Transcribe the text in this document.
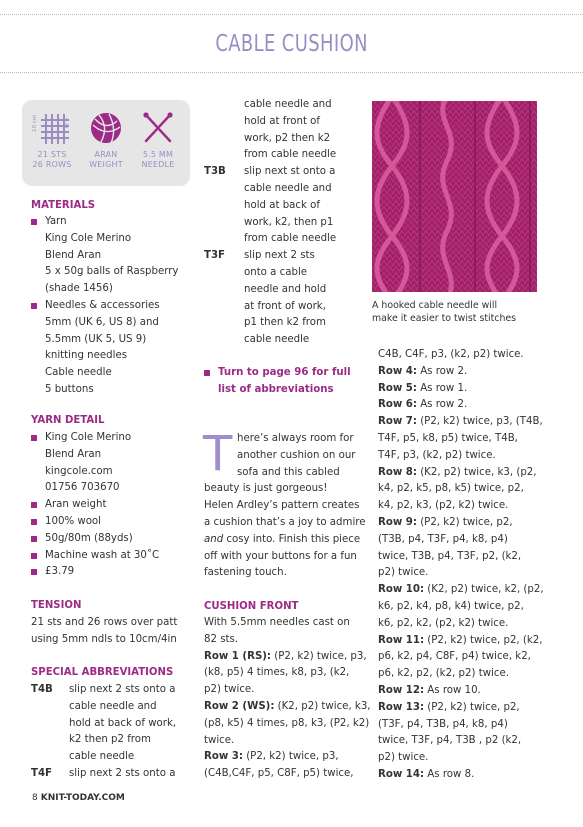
CABLE CUSHION
10 cm	4 in
21 STS
26 ROWS
ARAN
WEIGHT
5.5 MM
NEEDLE
MATERIALS
Yarn
King Cole Merino
Blend Aran
5 x 50g balls of Raspberry
(shade 1456)
Needles & accessories
5mm (UK 6, US 8) and
5.5mm (UK 5, US 9)
knitting needles
Cable needle
5 buttons
YARN DETAIL
King Cole Merino
Blend Aran
kingcole.com
01756 703670
Aran weight
100% wool
50g/80m (88yds)
Machine wash at 30˚C
£3.79
TENSION
21 sts and 26 rows over patt
using 5mm ndls to 10cm/4in
SPECIAL ABBREVIATIONS
T4B slip next 2 sts onto a
cable needle and
hold at back of work,
k2 then p2 from
cable needle
T4F slip next 2 sts onto a
cable needle and
hold at front of
work, p2 then k2
from cable needle
T3B slip next st onto a
cable needle and
hold at back of
work, k2, then p1
from cable needle
T3F slip next 2 sts
onto a cable
needle and hold
at front of work,
p1 then k2 from
cable needle
Turn to page 96 for full
list of abbreviations
T here’s always room for
another cushion on our
sofa and this cabled
beauty is just gorgeous!
Helen Ardley’s pattern creates
a cushion that’s a joy to admire
and cosy into. Finish this piece
off with your buttons for a fun
fastening touch.
CUSHION FRONT
With 5.5mm needles cast on
82 sts.
Row 1 (RS): (P2, k2) twice, p3,
(k8, p5) 4 times, k8, p3, (k2,
p2) twice.
Row 2 (WS): (K2, p2) twice, k3,
(p8, k5) 4 times, p8, k3, (P2, k2)
twice.
Row 3: (P2, k2) twice, p3,
(C4B,C4F, p5, C8F, p5) twice,
A hooked cable needle will
make it easier to twist stitches
C4B, C4F, p3, (k2, p2) twice.
Row 4: As row 2.
Row 5: As row 1.
Row 6: As row 2.
Row 7: (P2, k2) twice, p3, (T4B,
T4F, p5, k8, p5) twice, T4B,
T4F, p3, (k2, p2) twice.
Row 8: (K2, p2) twice, k3, (p2,
k4, p2, k5, p8, k5) twice, p2,
k4, p2, k3, (p2, k2) twice.
Row 9: (P2, k2) twice, p2,
(T3B, p4, T3F, p4, k8, p4)
twice, T3B, p4, T3F, p2, (k2,
p2) twice.
Row 10: (K2, p2) twice, k2, (p2,
k6, p2, k4, p8, k4) twice, p2,
k6, p2, k2, (p2, k2) twice.
Row 11: (P2, k2) twice, p2, (k2,
p6, k2, p4, C8F, p4) twice, k2,
p6, k2, p2, (k2, p2) twice.
Row 12: As row 10.
Row 13: (P2, k2) twice, p2,
(T3F, p4, T3B, p4, k8, p4)
twice, T3F, p4, T3B , p2 (k2,
p2) twice.
Row 14: As row 8.
8 KNIT-TODAY.COM
